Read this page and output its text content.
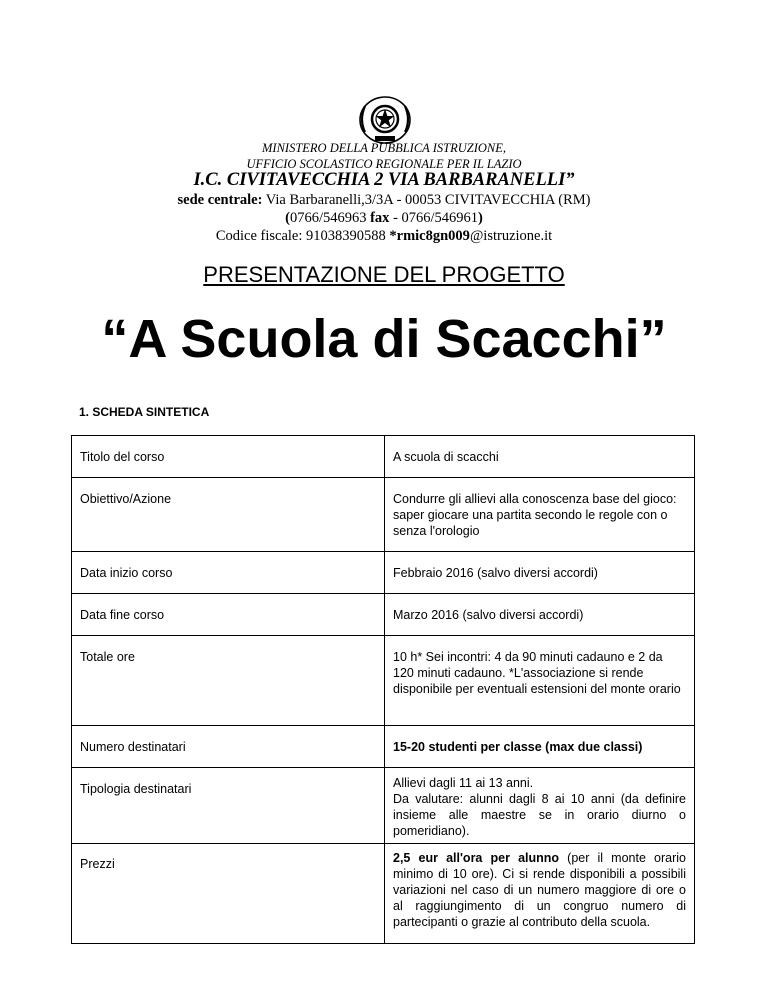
MINISTERO DELLA PUBBLICA ISTRUZIONE,
UFFICIO SCOLASTICO REGIONALE PER IL LAZIO
I.C. CIVITAVECCHIA 2 VIA BARBARANELLI”
sede centrale: Via Barbaranelli,3/3A - 00053 CIVITAVECCHIA (RM)
(0766/546963 fax - 0766/546961)
Codice fiscale: 91038390588 *rmic8gn009@istruzione.it
PRESENTAZIONE DEL PROGETTO
“A Scuola di Scacchi”
1. SCHEDA SINTETICA
Titolo del corso	A scuola di scacchi
Obiettivo/Azione	Condurre gli allievi alla conoscenza base del gioco: saper giocare una partita secondo le regole con o senza l'orologio
Data inizio corso	Febbraio 2016 (salvo diversi accordi)
Data fine corso	Marzo 2016 (salvo diversi accordi)
Totale ore	10 h* Sei incontri: 4 da 90 minuti cadauno e 2 da 120 minuti cadauno. *L'associazione si rende disponibile per eventuali estensioni del monte orario
Numero destinatari	15-20 studenti per classe (max due classi)
Tipologia destinatari	Allievi dagli 11 ai 13 anni.
Da valutare: alunni dagli 8 ai 10 anni (da definire insieme alle maestre se in orario diurno o pomeridiano).

Prezzi	2,5 eur all'ora per alunno (per il monte orario minimo di 10 ore). Ci si rende disponibili a possibili variazioni nel caso di un numero maggiore di ore o al raggiungimento di un congruo numero di partecipanti o grazie al contributo della scuola.
